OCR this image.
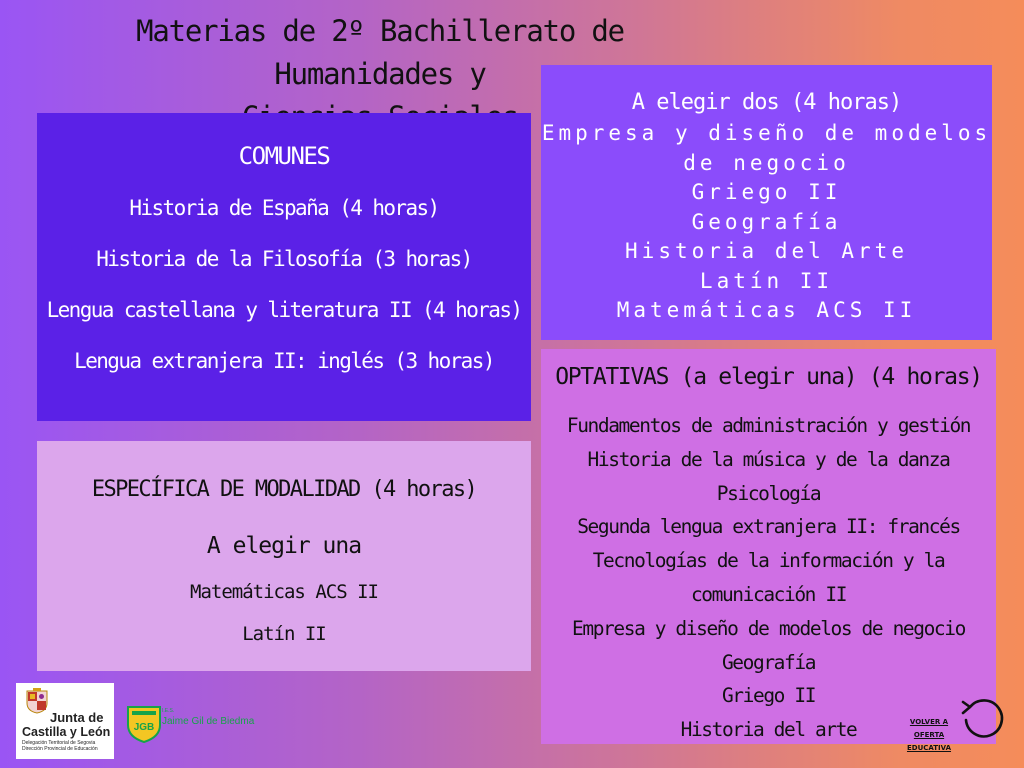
Materias de 2º Bachillerato de Humanidades y
COMUNES
Historia de España (4 horas)
Historia de la Filosofía (3 horas)
Lengua castellana y literatura II (4 horas)
Lengua extranjera II: inglés (3 horas)
A elegir dos (4 horas)
Empresa y diseño de modelos
de negocio
Griego II
Geografía
Historia del Arte
Latín II
Matemáticas ACS II
ESPECÍFICA DE MODALIDAD (4 horas)
A elegir una
Matemáticas ACS II
Latín II
OPTATIVAS (a elegir una) (4 horas)
Fundamentos de administración y gestión
Historia de la música y de la danza
Psicología
Segunda lengua extranjera II: francés
Tecnologías de la información y la
comunicación II
Empresa y diseño de modelos de negocio
Geografía
Griego II
Historia del arte	VOLVER A OFERTA
EDUCATIVA
Junta de
Castilla y León
Delegación Territorial de Segovia
Dirección Provincial de Educación
JGB
I.E.S.
Jaime Gil de Biedma
